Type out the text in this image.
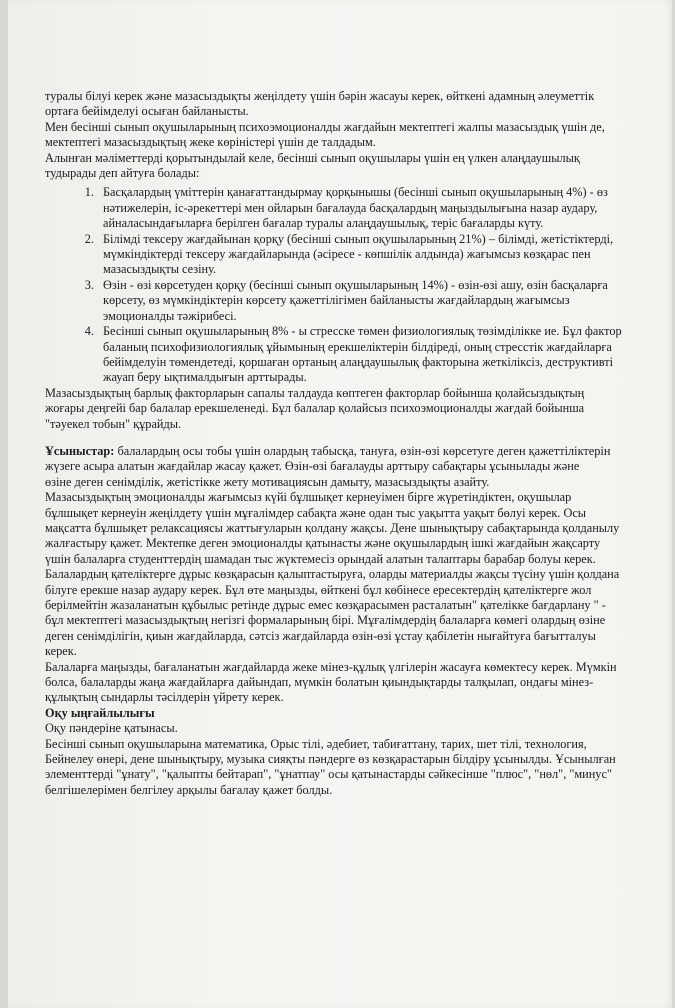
туралы білуі керек және мазасыздықты жеңілдету үшін бәрін жасауы керек, өйткені адамның әлеуметтік ортаға бейімделуі осыған байланысты.

Мен бесінші сынып оқушыларының психоэмоционалды жағдайын мектептегі жалпы мазасыздық үшін де, мектептегі мазасыздықтың жеке көріністері үшін де талдадым.

Алынған мәліметтерді қорытындылай келе, бесінші сынып оқушылары үшін ең үлкен алаңдаушылық тудырады деп айтуға болады:

1. Басқалардың үміттерін қанағаттандырмау қорқынышы (бесінші сынып оқушыларының 4%) - өз нәтижелерін, іс-әрекеттері мен ойларын бағалауда басқалардың маңыздылығына назар аудару, айналасындағыларға берілген бағалар туралы алаңдаушылық, теріс бағаларды күту.
2. Білімді тексеру жағдайынан қорқу (бесінші сынып оқушыларының 21%) – білімді, жетістіктерді, мүмкіндіктерді тексеру жағдайларында (әсіресе - көпшілік алдында) жағымсыз көзқарас пен мазасыздықты сезіну.
3. Өзін - өзі көрсетуден қорқу (бесінші сынып оқушыларының 14%) - өзін-өзі ашу, өзін басқаларға көрсету, өз мүмкіндіктерін көрсету қажеттілігімен байланысты жағдайлардың жағымсыз эмоционалды тәжірибесі.
4. Бесінші сынып оқушыларының 8% - ы стресске төмен физиологиялық төзімділікке ие. Бұл фактор баланың психофизиологиялық ұйымының ерекшеліктерін білдіреді, оның стресстік жағдайларға бейімделуін төмендетеді, қоршаған ортаның алаңдаушылық факторына жеткіліксіз, деструктивті жауап беру ықтималдығын арттырады.

Мазасыздықтың барлық факторларын сапалы талдауда көптеген факторлар бойынша қолайсыздықтың жоғары деңгейі бар балалар ерекшеленеді. Бұл балалар қолайсыз психоэмоционалды жағдай бойынша "тәуекел тобын" құрайды.

Ұсыныстар: балалардың осы тобы үшін олардың табысқа, тануға, өзін-өзі көрсетуге деген қажеттіліктерін жүзеге асыра алатын жағдайлар жасау қажет. Өзін-өзі бағалауды арттыру сабақтары ұсынылады және

өзіне деген сенімділік, жетістікке жету мотивациясын дамыту, мазасыздықты азайту.

Мазасыздықтың эмоционалды жағымсыз күйі бұлшықет кернеуімен бірге жүретіндіктен, оқушылар бұлшықет кернеуін жеңілдету үшін мұғалімдер сабақта және одан тыс уақытта уақыт бөлуі керек. Осы мақсатта бұлшықет релаксациясы жаттығуларын қолдану жақсы. Дене шынықтыру сабақтарында қолданылу жалғастыру қажет. Мектепке деген эмоционалды қатынасты және оқушылардың ішкі жағдайын жақсарту үшін балаларға студенттердің шамадан тыс жүктемесіз орындай алатын талаптары барабар болуы керек.

Балалардың қателіктерге дұрыс көзқарасын қалыптастыруға, оларды материалды жақсы түсіну үшін қолдана білуге ерекше назар аудару керек. Бұл өте маңызды, өйткені бұл көбінесе ересектердің қателіктерге жол берілмейтін жазаланатын құбылыс ретінде дұрыс емес көзқарасымен расталатын" қателікке бағдарлану " - бұл мектептегі мазасыздықтың негізгі формаларының бірі. Мұғалімдердің балаларға көмегі олардың өзіне деген сенімділігін, қиын жағдайларда, сәтсіз жағдайларда өзін-өзі ұстау қабілетін нығайтуға бағытталуы керек.

Балаларға маңызды, бағаланатын жағдайларда жеке мінез-құлық үлгілерін жасауға көмектесу керек. Мүмкін болса, балаларды жаңа жағдайларға дайындап, мүмкін болатын қиындықтарды талқылап, ондағы мінез-құлықтың сындарлы тәсілдерін үйрету керек.

Оқу ыңғайлылығы

Оқу пәндеріне қатынасы.

Бесінші сынып оқушыларына математика, Орыс тілі, әдебиет, табиғаттану, тарих, шет тілі, технология, Бейнелеу өнері, дене шынықтыру, музыка сияқты пәндерге өз көзқарастарын білдіру ұсынылды. Ұсынылған элементтерді "ұнату", "қалыпты бейтарап", "ұнатпау" осы қатынастарды сәйкесінше "плюс", "нөл", "минус" белгішелерімен белгілеу арқылы бағалау қажет болды.
